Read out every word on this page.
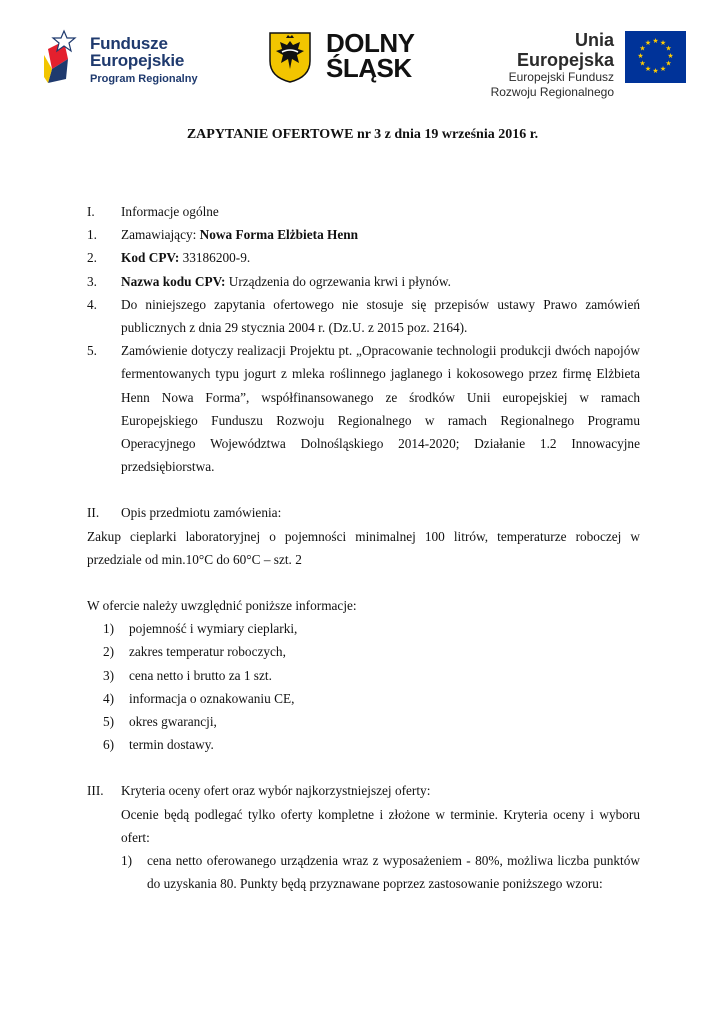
Fundusze
Europejskie
Program Regionalny
DOLNY
ŚLĄSK
Unia Europejska
Europejski Fundusz
Rozwoju Regionalnego
★ ★
★
★
★
★
★
★
★
★
★
★
ZAPYTANIE OFERTOWE nr 3 z dnia 19 września 2016 r.
I. Informacje ogólne
1. Zamawiający: Nowa Forma Elżbieta Henn
2. Kod CPV: 33186200-9.
3. Nazwa kodu CPV: Urządzenia do ogrzewania krwi i płynów.
4. Do niniejszego zapytania ofertowego nie stosuje się przepisów ustawy Prawo zamówień publicznych z dnia 29 stycznia 2004 r. (Dz.U. z 2015 poz. 2164).
5. Zamówienie dotyczy realizacji Projektu pt. „Opracowanie technologii produkcji dwóch napojów fermentowanych typu jogurt z mleka roślinnego jaglanego i kokosowego przez firmę Elżbieta Henn Nowa Forma”, współfinansowanego ze środków Unii europejskiej w ramach Europejskiego Funduszu Rozwoju Regionalnego w ramach Regionalnego Programu Operacyjnego Województwa Dolnośląskiego 2014-2020; Działanie 1.2 Innowacyjne przedsiębiorstwa.
II. Opis przedmiotu zamówienia:
Zakup cieplarki laboratoryjnej o pojemności minimalnej 100 litrów, temperaturze roboczej w przedziale od min.10°C do 60°C – szt. 2
W ofercie należy uwzględnić poniższe informacje:
1) pojemność i wymiary cieplarki,
2) zakres temperatur roboczych,
3) cena netto i brutto za 1 szt.
4) informacja o oznakowaniu CE,
5) okres gwarancji,
6) termin dostawy.
III. Kryteria oceny ofert oraz wybór najkorzystniejszej oferty:
Ocenie będą podlegać tylko oferty kompletne i złożone w terminie. Kryteria oceny i wyboru ofert:
1) cena netto oferowanego urządzenia wraz z wyposażeniem - 80%, możliwa liczba punktów do uzyskania 80. Punkty będą przyznawane poprzez zastosowanie poniższego wzoru:
